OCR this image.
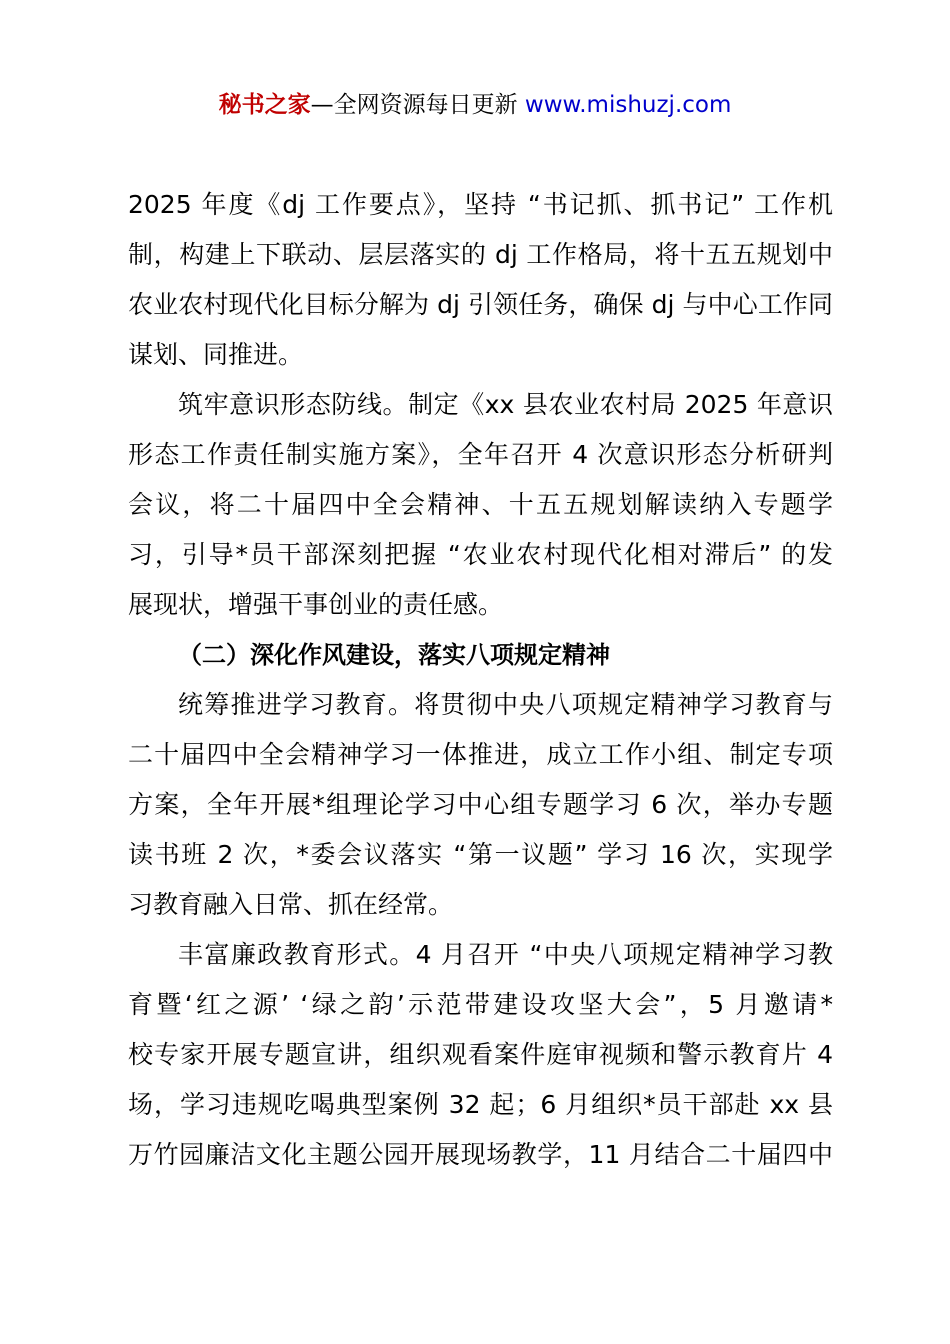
秘书之家—全网资源每日更新 www.mishuzj.com
2025 年度《dj 工作要点》，坚持 “书记抓、抓书记” 工作机
制，构建上下联动、层层落实的 dj 工作格局，将十五五规划中
农业农村现代化目标分解为 dj 引领任务，确保 dj 与中心工作同
谋划、同推进。
筑牢意识形态防线。制定《xx 县农业农村局 2025 年意识
形态工作责任制实施方案》，全年召开 4 次意识形态分析研判
会议，将二十届四中全会精神、十五五规划解读纳入专题学
习，引导*员干部深刻把握 “农业农村现代化相对滞后” 的发
展现状，增强干事创业的责任感。
（二）深化作风建设，落实八项规定精神
统筹推进学习教育。将贯彻中央八项规定精神学习教育与
二十届四中全会精神学习一体推进，成立工作小组、制定专项
方案，全年开展*组理论学习中心组专题学习 6 次，举办专题
读书班 2 次，*委会议落实 “第一议题” 学习 16 次，实现学
习教育融入日常、抓在经常。
丰富廉政教育形式。4 月召开 “中央八项规定精神学习教
育暨‘红之源’ ‘绿之韵’示范带建设攻坚大会”，5 月邀请*
校专家开展专题宣讲，组织观看案件庭审视频和警示教育片 4
场，学习违规吃喝典型案例 32 起；6 月组织*员干部赴 xx 县
万竹园廉洁文化主题公园开展现场教学，11 月结合二十届四中
